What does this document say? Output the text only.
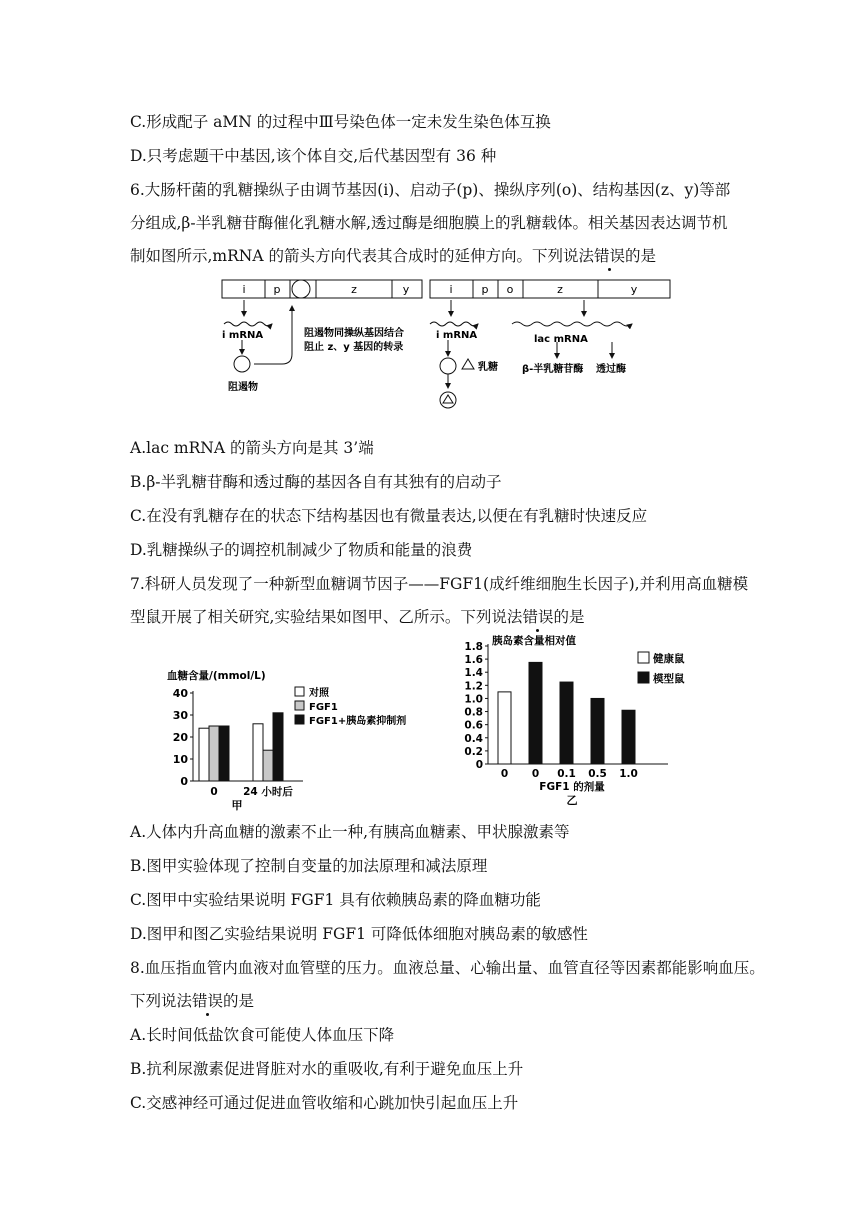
C.形成配子 aMN 的过程中Ⅲ号染色体一定未发生染色体互换
D.只考虑题干中基因,该个体自交,后代基因型有 36 种
6.大肠杆菌的乳糖操纵子由调节基因(i)、启动子(p)、操纵序列(o)、结构基因(z、y)等部
分组成,β-半乳糖苷酶催化乳糖水解,透过酶是细胞膜上的乳糖载体。相关基因表达调节机
制如图所示,mRNA 的箭头方向代表其合成时的延伸方向。下列说法错误的是
i	p	z	y	i	p o	z	y
i mRNA
阻遏物
阻遏物同操纵基因结合
阻止 z、y 基因的转录
i mRNA
乳糖
lac mRNA
β-半乳糖苷酶 透过酶
A.lac mRNA 的箭头方向是其 3’端
B.β-半乳糖苷酶和透过酶的基因各自有其独有的启动子
C.在没有乳糖存在的状态下结构基因也有微量表达,以便在有乳糖时快速反应
D.乳糖操纵子的调控机制减少了物质和能量的浪费
7.科研人员发现了一种新型血糖调节因子——FGF1(成纤维细胞生长因子),并利用高血糖模
型鼠开展了相关研究,实验结果如图甲、乙所示。下列说法错误的是
血糖含量/(mmol/L)
0
10
20
30
40
0 24 小时后
甲
对照
FGF1
FGF1+胰岛素抑制剂
胰岛素含量相对值
0
0.2
0.4
0.6
0.8
1.0
1.2
1.4
1.6
1.8
0 0 0.1 0.5 1.0
FGF1 的剂量
乙
健康鼠
模型鼠
A.人体内升高血糖的激素不止一种,有胰高血糖素、甲状腺激素等
B.图甲实验体现了控制自变量的加法原理和减法原理
C.图甲中实验结果说明 FGF1 具有依赖胰岛素的降血糖功能
D.图甲和图乙实验结果说明 FGF1 可降低体细胞对胰岛素的敏感性
8.血压指血管内血液对血管壁的压力。血液总量、心输出量、血管直径等因素都能影响血压。
下列说法错误的是
A.长时间低盐饮食可能使人体血压下降
B.抗利尿激素促进肾脏对水的重吸收,有利于避免血压上升
C.交感神经可通过促进血管收缩和心跳加快引起血压上升
